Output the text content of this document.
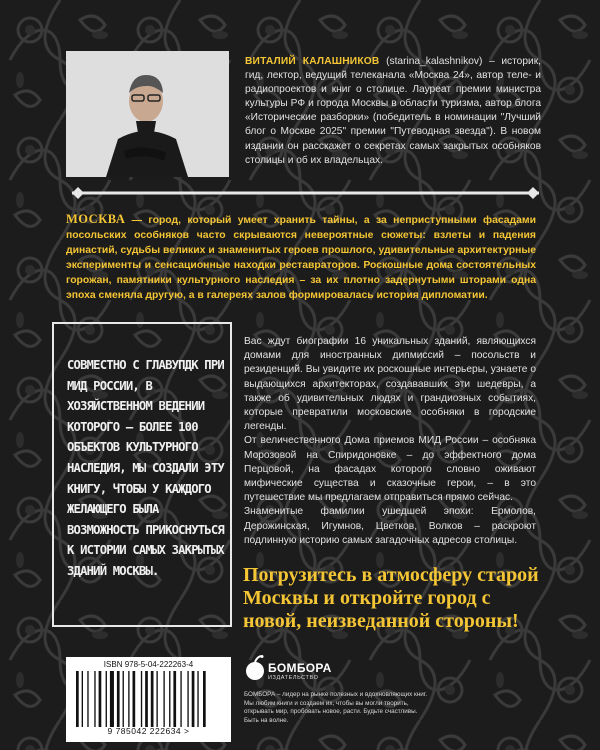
ВИТАЛИЙ КАЛАШНИКОВ (starina_kalashnikov) – историк, гид, лектор, ведущий телеканала «Москва 24», автор теле- и радиопроектов и книг о столице. Лауреат премии министра культуры РФ и города Москвы в области туризма, автор блога «Исторические разборки» (победитель в номинации "Лучший блог о Москве 2025" премии "Путеводная звезда"). В новом издании он расскажет о секретах самых закрытых особняков столицы и об их владельцах.
МОСКВА — город, который умеет хранить тайны, а за неприступными фасадами посольских особняков часто скрываются невероятные сюжеты: взлеты и падения династий, судьбы великих и знаменитых героев прошлого, удивительные архитектурные эксперименты и сенсационные находки реставраторов. Роскошные дома состоятельных горожан, памятники культурного наследия – за их плотно задернутыми шторами одна эпоха сменяла другую, а в галереях залов формировалась история дипломатии.
СОВМЕСТНО С ГЛАВУПДК ПРИ МИД РОССИИ, В ХОЗЯЙСТВЕННОМ ВЕДЕНИИ КОТОРОГО – БОЛЕЕ 100 ОБЪЕКТОВ КУЛЬТУРНОГО НАСЛЕДИЯ, МЫ СОЗДАЛИ ЭТУ КНИГУ, ЧТОБЫ У КАЖДОГО ЖЕЛАЮЩЕГО БЫЛА ВОЗМОЖНОСТЬ ПРИКОСНУТЬСЯ К ИСТОРИИ САМЫХ ЗАКРЫТЫХ ЗДАНИЙ МОСКВЫ.

Вас ждут биографии 16 уникальных зданий, являющихся домами для иностранных дипмиссий – посольств и резиденций. Вы увидите их роскошные интерьеры, узнаете о выдающихся архитекторах, создававших эти шедевры, а также об удивительных людях и грандиозных событиях, которые превратили московские особняки в городские легенды.

От величественного Дома приемов МИД России – особняка Морозовой на Спиридоновке – до эффектного дома Перцовой, на фасадах которого словно оживают мифические существа и сказочные герои, – в это путешествие мы предлагаем отправиться прямо сейчас.

Знаменитые фамилии ушедшей эпохи: Ермолов, Дерожинская, Игумнов, Цветков, Волков – раскроют подлинную историю самых загадочных адресов столицы.

Погрузитесь в атмосферу старой Москвы и откройте город с новой, неизведанной стороны!
ISBN 978-5-04-222263-4
9 785042 222634 >
БОМБОРА
ИЗДАТЕЛЬСТВО
БОМБОРА – лидер на рынке полезных и вдохновляющих книг. Мы любим книги и создаем их, чтобы вы могли творить, открывать мир, пробовать новое, расти. Будьте счастливы. Быть на волне.
